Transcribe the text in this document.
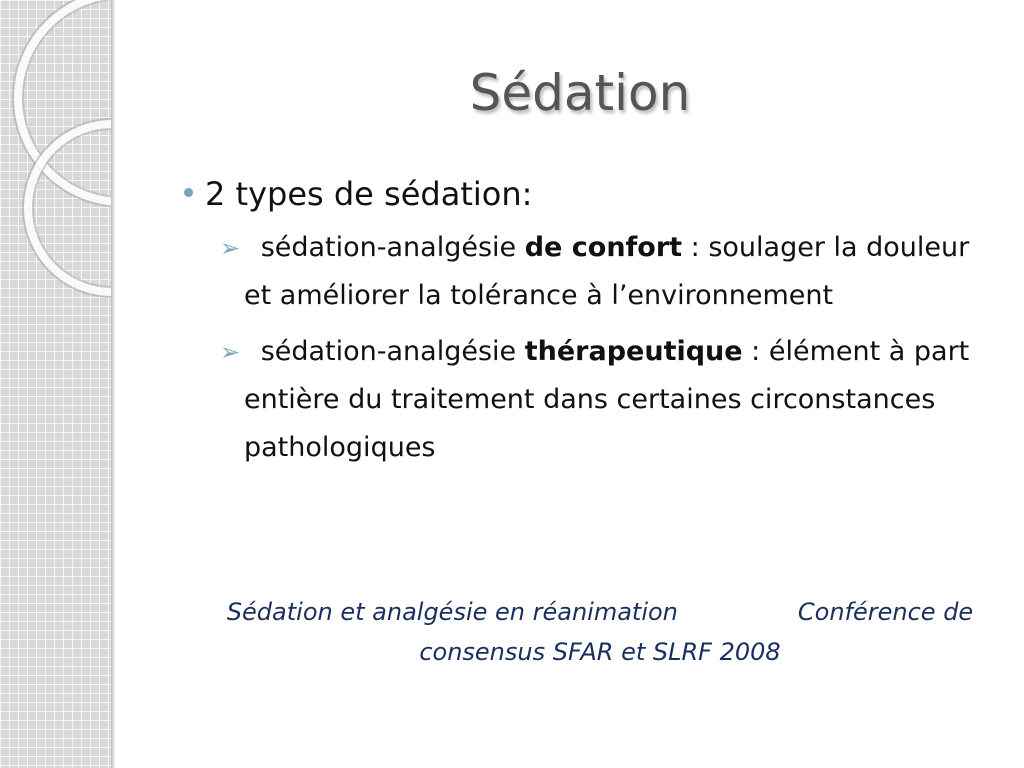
Sédation
2 types de sédation:
➢ sédation-analgésie de confort : soulager la douleur et améliorer la tolérance à l’environnement
➢ sédation-analgésie thérapeutique : élément à part entière du traitement dans certaines circonstances pathologiques
Sédation et analgésie en réanimation	Conférence de consensus SFAR et SLRF 2008
